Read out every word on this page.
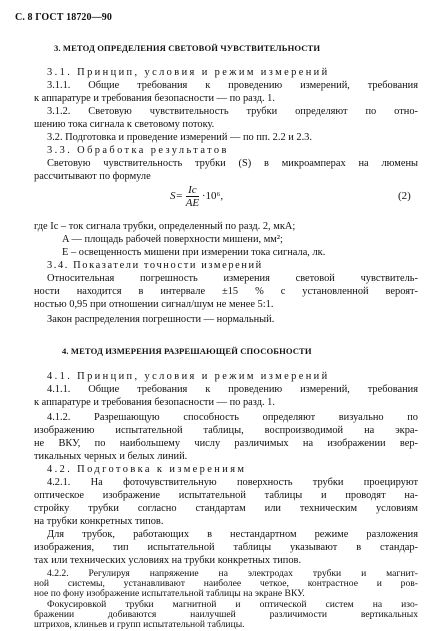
С. 8 ГОСТ 18720—90
3. МЕТОД ОПРЕДЕЛЕНИЯ СВЕТОВОЙ ЧУВСТВИТЕЛЬНОСТИ
3.1. Принцип, условия и режим измерений
3.1.1. Общие требования к проведению измерений, требования
к аппаратуре и требования безопасности — по разд. 1.
3.1.2. Световую чувствительность трубки определяют по отно-
шению тока сигнала к световому потоку.
3.2. Подготовка и проведение измерений — по пп. 2.2 и 2.3.
3.3. Обработка результатов
Световую чувствительность трубки (S) в микроамперах на люмены
рассчитывают по формуле
$S= \frac{Iс}{AE} \cdot 10^6$,	(2)
где Iс – ток сигнала трубки, определенный по разд. 2, мкА;
A — площадь рабочей поверхности мишени, мм²;
E – освещенность мишени при измерении тока сигнала, лк.
3.4. Показатели точности измерений
Относительная погрешность измерения световой чувствитель-
ности находится в интервале ±15 % с установленной вероят-
ностью 0,95 при отношении сигнал/шум не менее 5:1.
Закон распределения погрешности — нормальный.
4. МЕТОД ИЗМЕРЕНИЯ РАЗРЕШАЮЩЕЙ СПОСОБНОСТИ
4.1. Принцип, условия и режим измерений
4.1.1. Общие требования к проведению измерений, требования
к аппаратуре и требования безопасности — по разд. 1.
4.1.2. Разрешающую способность определяют визуально по
изображению испытательной таблицы, воспроизводимой на экра-
не ВКУ, по наибольшему числу различимых на изображении вер-
тикальных черных и белых линий.
4.2. Подготовка к измерениям
4.2.1. На фоточувствительную поверхность трубки проецируют
оптическое изображение испытательной таблицы и проводят на-
стройку трубки согласно стандартам или техническим условиям
на трубки конкретных типов.
Для трубок, работающих в нестандартном режиме разложения
изображения, тип испытательной таблицы указывают в стандар-
тах или технических условиях на трубки конкретных типов.
4.2.2. Регулируя напряжение на электродах трубки и магнит-
ной системы, устанавливают наиболее четкое, контрастное и ров-
ное по фону изображение испытательной таблицы на экране ВКУ.
Фокусировкой трубки магнитной и оптической систем на изо-
бражении добиваются наилучшей различимости вертикальных
штрихов, клиньев и групп испытательной таблицы.
